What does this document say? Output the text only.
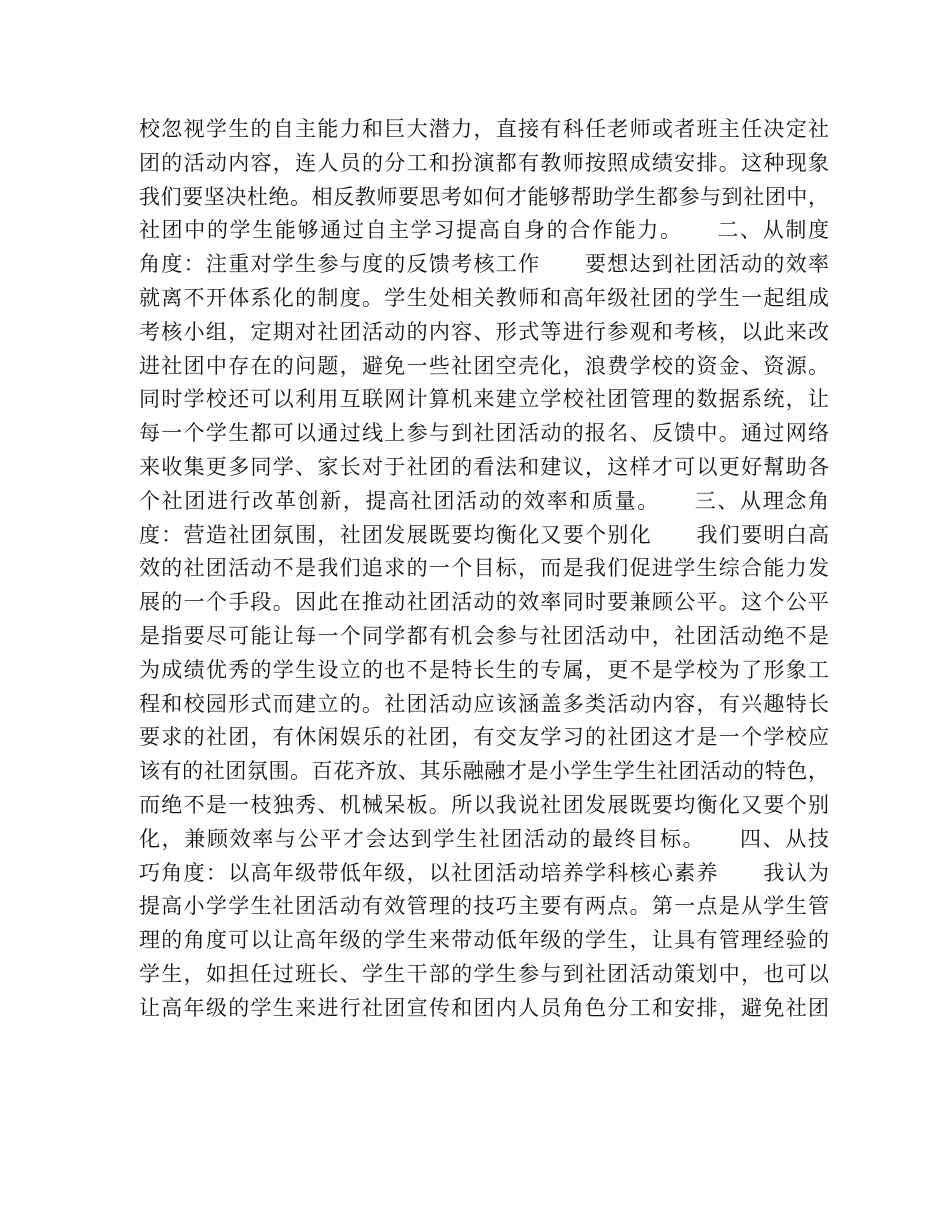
校忽视学生的自主能力和巨大潜力，直接有科任老师或者班主任决定社
团的活动内容，连人员的分工和扮演都有教师按照成绩安排。这种现象
我们要坚决杜绝。相反教师要思考如何才能够帮助学生都参与到社团中，
社团中的学生能够通过自主学习提高自身的合作能力。　　二、从制度
角度：注重对学生参与度的反馈考核工作　　要想达到社团活动的效率
就离不开体系化的制度。学生处相关教师和高年级社团的学生一起组成
考核小组，定期对社团活动的内容、形式等进行参观和考核，以此来改
进社团中存在的问题，避免一些社团空壳化，浪费学校的资金、资源。
同时学校还可以利用互联网计算机来建立学校社团管理的数据系统，让
每一个学生都可以通过线上参与到社团活动的报名、反馈中。通过网络
来收集更多同学、家长对于社团的看法和建议，这样才可以更好幫助各
个社团进行改革创新，提高社团活动的效率和质量。　　三、从理念角
度：营造社团氛围，社团发展既要均衡化又要个别化　　我们要明白高
效的社团活动不是我们追求的一个目标，而是我们促进学生综合能力发
展的一个手段。因此在推动社团活动的效率同时要兼顾公平。这个公平
是指要尽可能让每一个同学都有机会参与社团活动中，社团活动绝不是
为成绩优秀的学生设立的也不是特长生的专属，更不是学校为了形象工
程和校园形式而建立的。社团活动应该涵盖多类活动内容，有兴趣特长
要求的社团，有休闲娱乐的社团，有交友学习的社团这才是一个学校应
该有的社团氛围。百花齐放、其乐融融才是小学生学生社团活动的特色，
而绝不是一枝独秀、机械呆板。所以我说社团发展既要均衡化又要个别
化，兼顾效率与公平才会达到学生社团活动的最终目标。　　四、从技
巧角度：以高年级带低年级，以社团活动培养学科核心素养　　我认为
提高小学学生社团活动有效管理的技巧主要有两点。第一点是从学生管
理的角度可以让高年级的学生来带动低年级的学生，让具有管理经验的
学生，如担任过班长、学生干部的学生参与到社团活动策划中，也可以
让高年级的学生来进行社团宣传和团内人员角色分工和安排，避免社团
